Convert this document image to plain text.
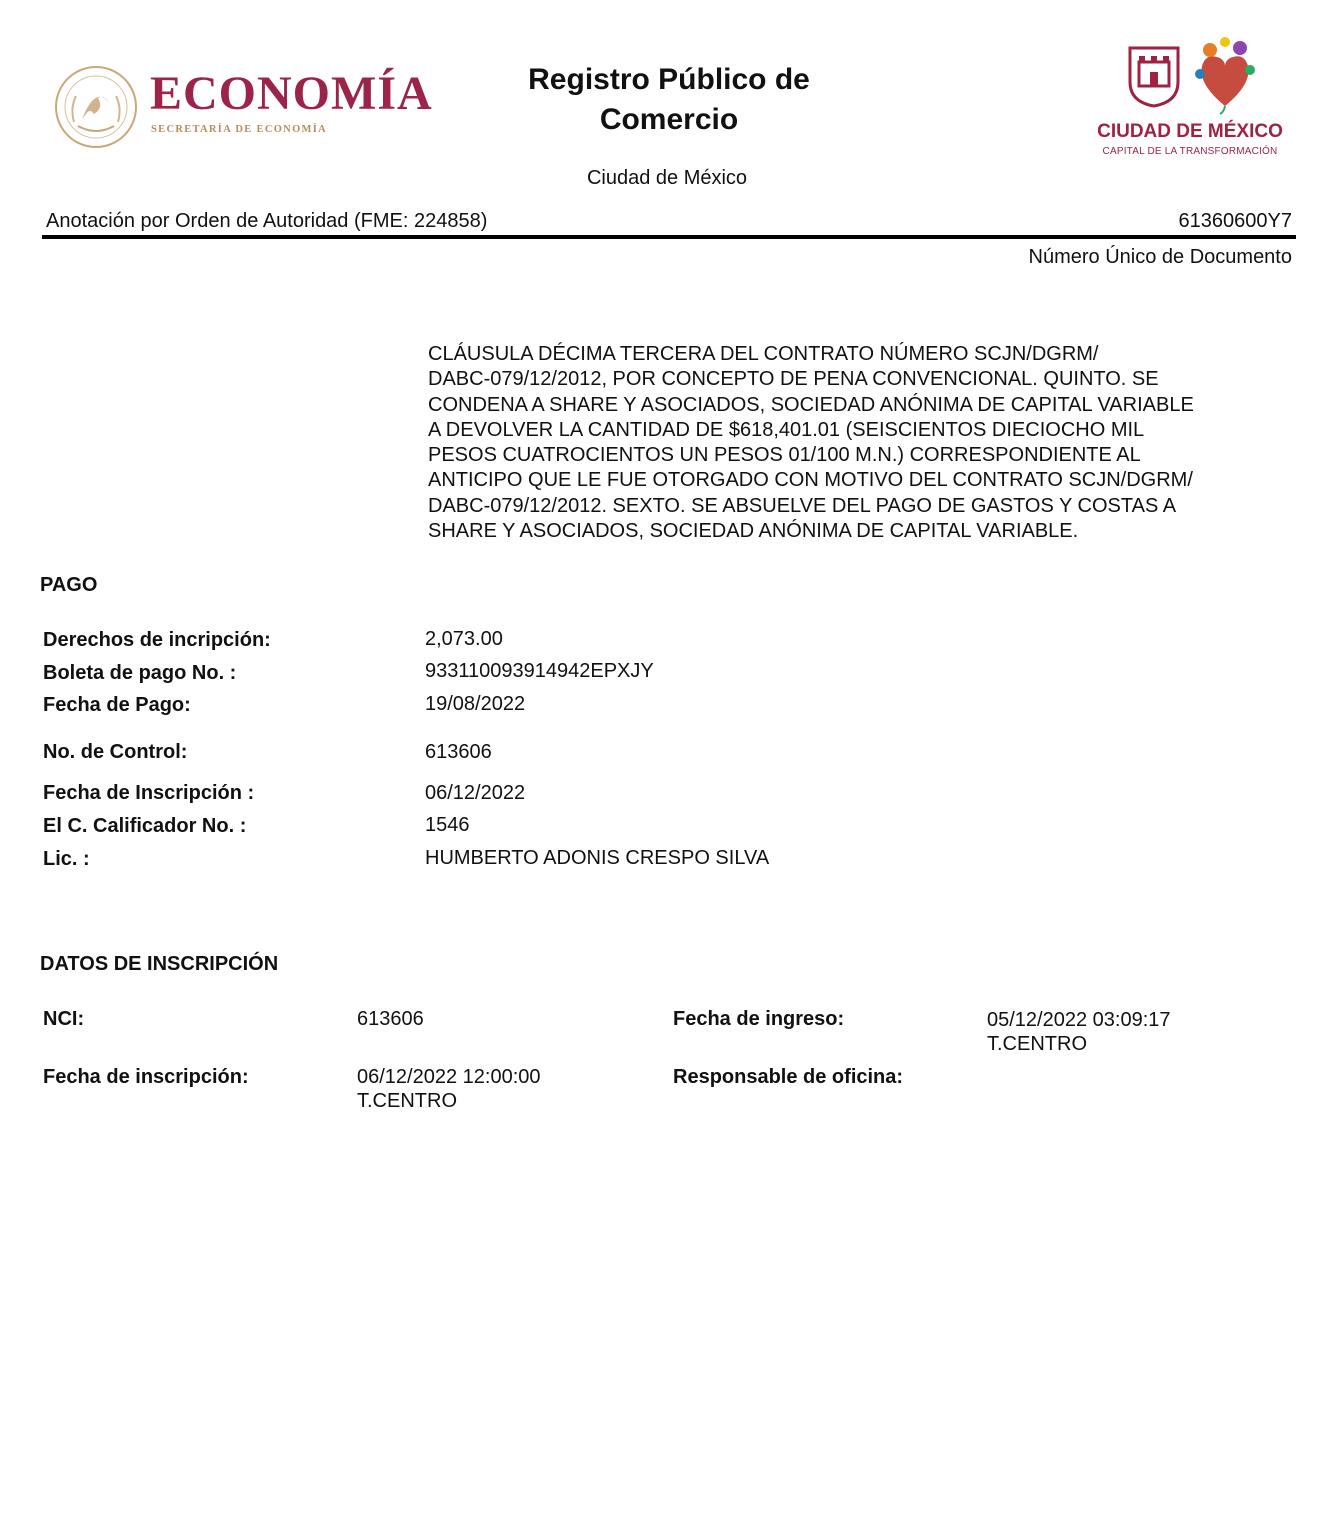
ECONOMÍA
SECRETARÍA DE ECONOMÍA
Registro Público de Comercio
Ciudad de México
CIUDAD DE MÉXICO
CAPITAL DE LA TRANSFORMACIÓN
Anotación por Orden de Autoridad (FME: 224858)	61360600Y7
Número Único de Documento
CLÁUSULA DÉCIMA TERCERA DEL CONTRATO NÚMERO SCJN/DGRM/
DABC-079/12/2012, POR CONCEPTO DE PENA CONVENCIONAL. QUINTO. SE
CONDENA A SHARE Y ASOCIADOS, SOCIEDAD ANÓNIMA DE CAPITAL VARIABLE
A DEVOLVER LA CANTIDAD DE $618,401.01 (SEISCIENTOS DIECIOCHO MIL
PESOS CUATROCIENTOS UN PESOS 01/100 M.N.) CORRESPONDIENTE AL
ANTICIPO QUE LE FUE OTORGADO CON MOTIVO DEL CONTRATO SCJN/DGRM/
DABC-079/12/2012. SEXTO. SE ABSUELVE DEL PAGO DE GASTOS Y COSTAS A
SHARE Y ASOCIADOS, SOCIEDAD ANÓNIMA DE CAPITAL VARIABLE.
PAGO
Derechos de incripción:	2,073.00
Boleta de pago No. :	933110093914942EPXJY
Fecha de Pago:	19/08/2022
No. de Control:	613606
Fecha de Inscripción :	06/12/2022
El C. Calificador No. :	1546
Lic. :	HUMBERTO ADONIS CRESPO SILVA
DATOS DE INSCRIPCIÓN
NCI:	613606	Fecha de ingreso:	05/12/2022 03:09:17
T.CENTRO
Fecha de inscripción:	06/12/2022 12:00:00
T.CENTRO
Responsable de oficina:
